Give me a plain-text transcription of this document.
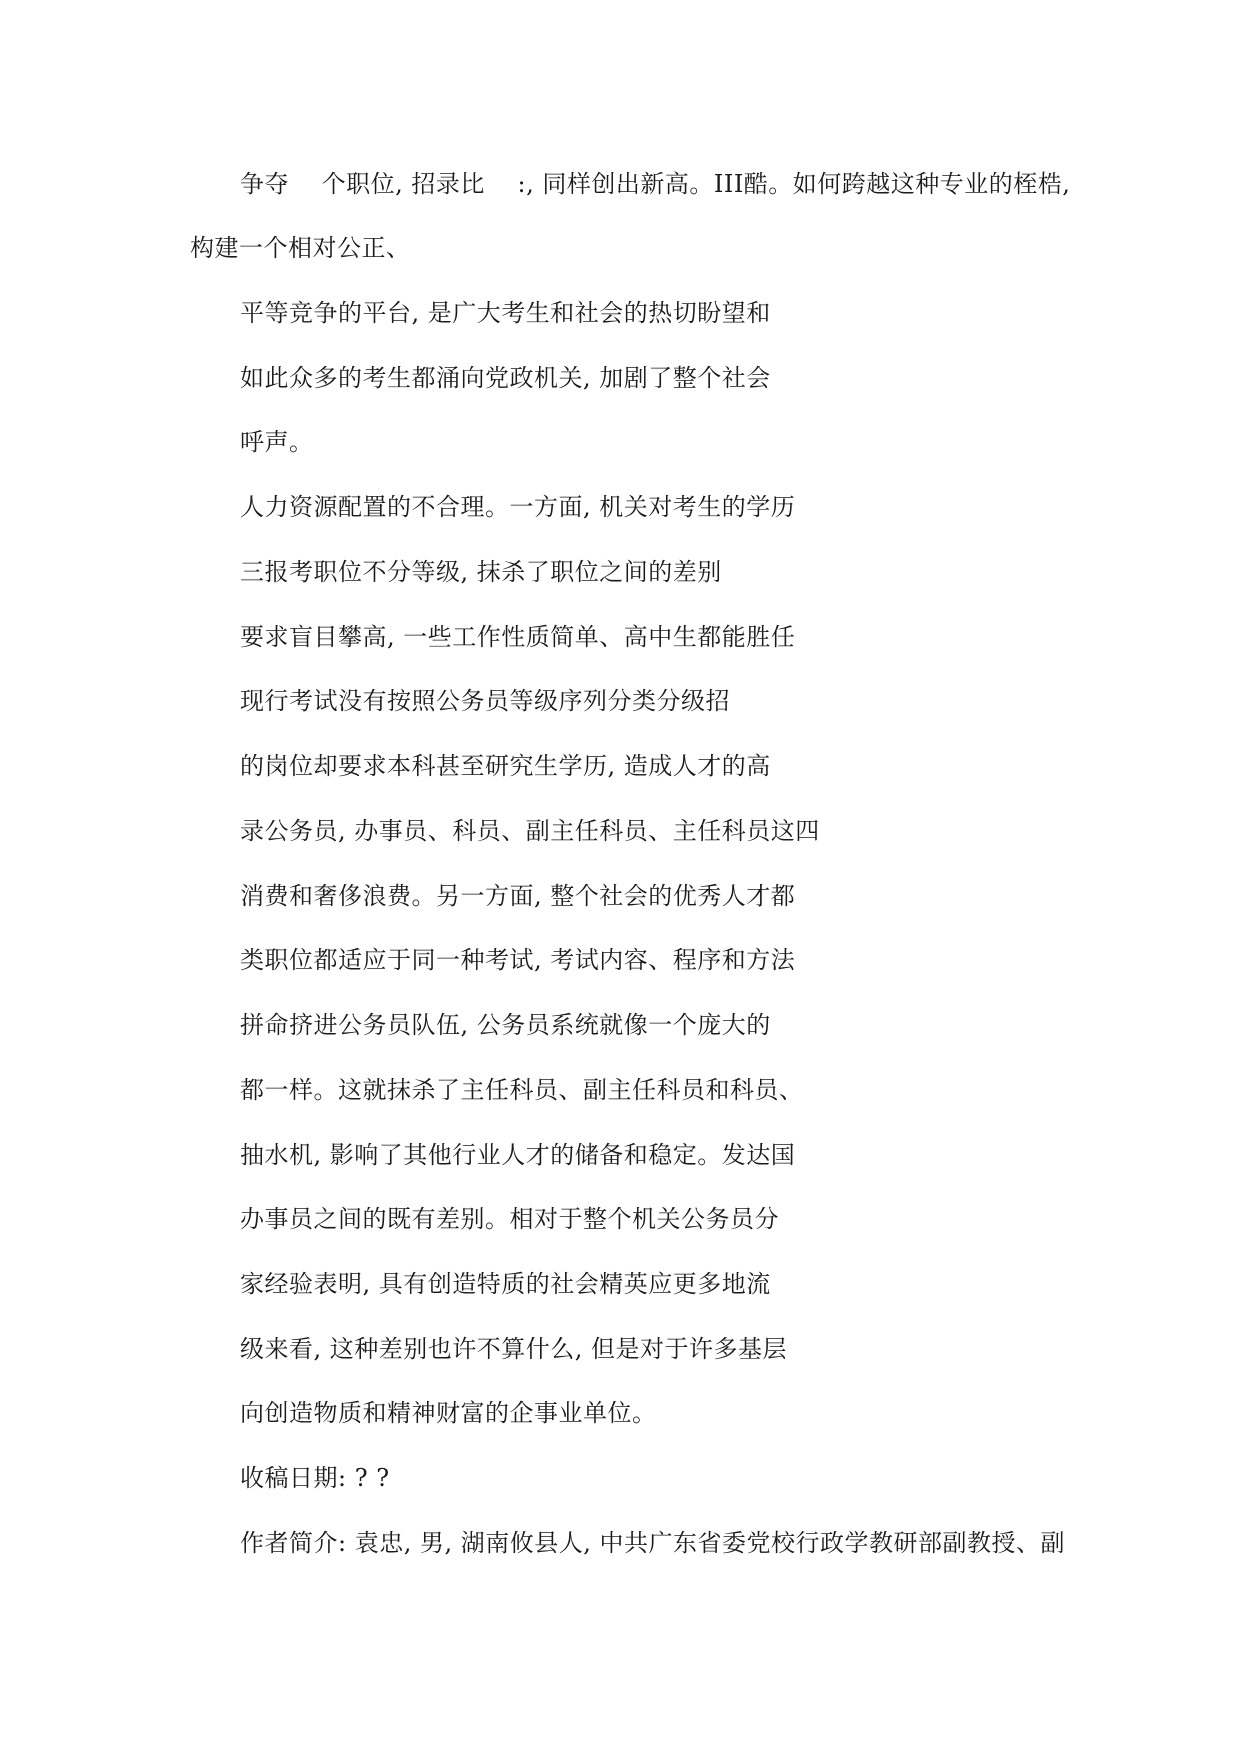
争夺　 个职位, 招录比　 :, 同样创出新高。III酷。如何跨越这种专业的桎梏,
构建一个相对公正、
平等竞争的平台, 是广大考生和社会的热切盼望和
如此众多的考生都涌向党政机关, 加剧了整个社会
呼声。
人力资源配置的不合理。一方面, 机关对考生的学历
三报考职位不分等级, 抹杀了职位之间的差别
要求盲目攀高, 一些工作性质简单、高中生都能胜任
现行考试没有按照公务员等级序列分类分级招
的岗位却要求本科甚至研究生学历, 造成人才的高
录公务员, 办事员、科员、副主任科员、主任科员这四
消费和奢侈浪费。另一方面, 整个社会的优秀人才都
类职位都适应于同一种考试, 考试内容、程序和方法
拼命挤进公务员队伍, 公务员系统就像一个庞大的
都一样。这就抹杀了主任科员、副主任科员和科员、
抽水机, 影响了其他行业人才的储备和稳定。发达国
办事员之间的既有差别。相对于整个机关公务员分
家经验表明, 具有创造特质的社会精英应更多地流
级来看, 这种差别也许不算什么, 但是对于许多基层
向创造物质和精神财富的企事业单位。
收稿日期: ? ?
作者简介: 袁忠, 男, 湖南攸县人, 中共广东省委党校行政学教研部副教授、副
